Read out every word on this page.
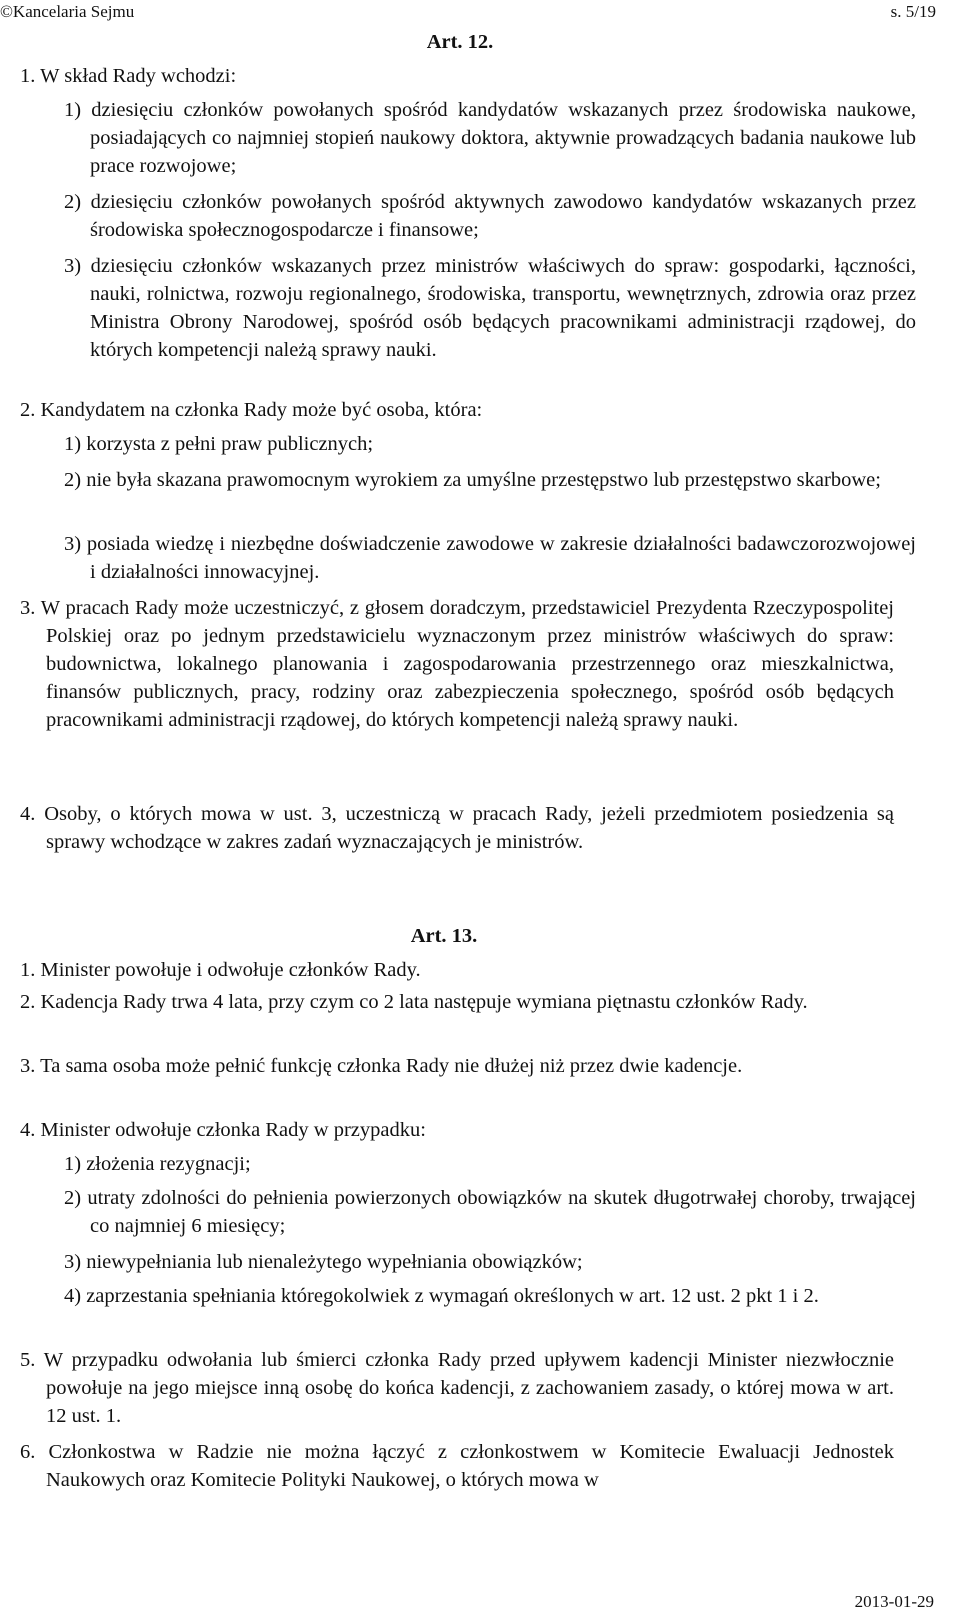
©Kancelaria Sejmu	s. 5/19
Art. 12.

1. W skład Rady wchodzi:

1) dziesięciu członków powołanych spośród kandydatów wskazanych przez środowiska naukowe, posiadających co najmniej stopień naukowy doktora, aktywnie prowadzących badania naukowe lub prace rozwojowe;

2) dziesięciu członków powołanych spośród aktywnych zawodowo kandydatów wskazanych przez środowiska społecznogospodarcze i finansowe;

3) dziesięciu członków wskazanych przez ministrów właściwych do spraw: gospodarki, łączności, nauki, rolnictwa, rozwoju regionalnego, środowiska, transportu, wewnętrznych, zdrowia oraz przez Ministra Obrony Narodowej, spośród osób będących pracownikami administracji rządowej, do których kompetencji należą sprawy nauki.

2. Kandydatem na członka Rady może być osoba, która:

1) korzysta z pełni praw publicznych;

2) nie była skazana prawomocnym wyrokiem za umyślne przestępstwo lub przestępstwo skarbowe;

3) posiada wiedzę i niezbędne doświadczenie zawodowe w zakresie działalności badawczorozwojowej i działalności innowacyjnej.

3. W pracach Rady może uczestniczyć, z głosem doradczym, przedstawiciel Prezydenta Rzeczypospolitej Polskiej oraz po jednym przedstawicielu wyznaczonym przez ministrów właściwych do spraw: budownictwa, lokalnego planowania i zagospodarowania przestrzennego oraz mieszkalnictwa, finansów publicznych, pracy, rodziny oraz zabezpieczenia społecznego, spośród osób będących pracownikami administracji rządowej, do których kompetencji należą sprawy nauki.

4. Osoby, o których mowa w ust. 3, uczestniczą w pracach Rady, jeżeli przedmiotem posiedzenia są sprawy wchodzące w zakres zadań wyznaczających je ministrów.

Art. 13.

1. Minister powołuje i odwołuje członków Rady.

2. Kadencja Rady trwa 4 lata, przy czym co 2 lata następuje wymiana piętnastu członków Rady.

3. Ta sama osoba może pełnić funkcję członka Rady nie dłużej niż przez dwie kadencje.

4. Minister odwołuje członka Rady w przypadku:

1) złożenia rezygnacji;

2) utraty zdolności do pełnienia powierzonych obowiązków na skutek długotrwałej choroby, trwającej co najmniej 6 miesięcy;

3) niewypełniania lub nienależytego wypełniania obowiązków;

4) zaprzestania spełniania któregokolwiek z wymagań określonych w art. 12 ust. 2 pkt 1 i 2.

5. W przypadku odwołania lub śmierci członka Rady przed upływem kadencji Minister niezwłocznie powołuje na jego miejsce inną osobę do końca kadencji, z zachowaniem zasady, o której mowa w art. 12 ust. 1.

6. Członkostwa w Radzie nie można łączyć z członkostwem w Komitecie Ewaluacji Jednostek Naukowych oraz Komitecie Polityki Naukowej, o których mowa w

2013-01-29
